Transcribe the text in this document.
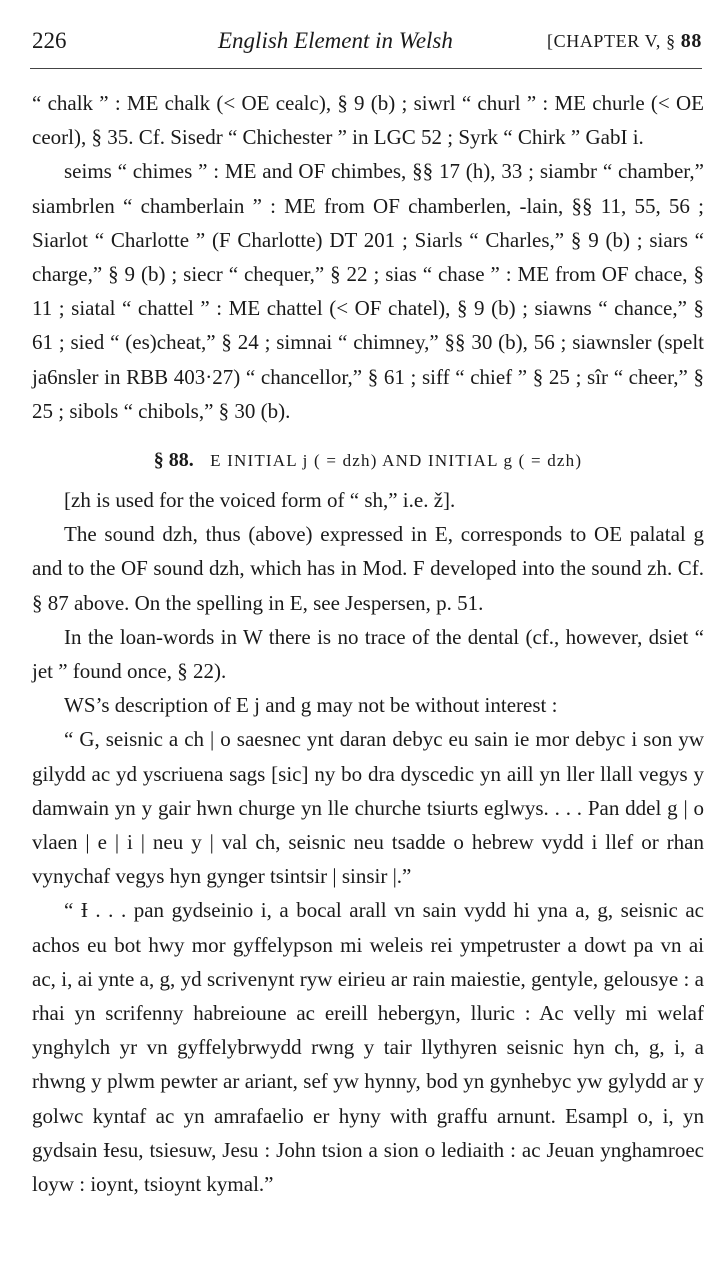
226	English Element in Welsh	[CHAPTER V, § 88

“ chalk ” : ME chalk (< OE cealc), § 9 (b) ; siwrl “ churl ” : ME churle (< OE ceorl), § 35. Cf. Sisedr “ Chichester ” in LGC 52 ; Syrk “ Chirk ” GabI i.

seims “ chimes ” : ME and OF chimbes, §§ 17 (h), 33 ; siambr “ chamber,” siambrlen “ chamberlain ” : ME from OF chamberlen, -lain, §§ 11, 55, 56 ; Siarlot “ Charlotte ” (F Charlotte) DT 201 ; Siarls “ Charles,” § 9 (b) ; siars “ charge,” § 9 (b) ; siecr “ chequer,” § 22 ; sias “ chase ” : ME from OF chace, § 11 ; siatal “ chattel ” : ME chattel (< OF chatel), § 9 (b) ; siawns “ chance,” § 61 ; sied “ (es)cheat,” § 24 ; simnai “ chimney,” §§ 30 (b), 56 ; siawnsler (spelt ja6nsler in RBB 403·27) “ chancellor,” § 61 ; siff “ chief ” § 25 ; sîr “ cheer,” § 25 ; sibols “ chibols,” § 30 (b).

§ 88. E INITIAL j ( = dzh) AND INITIAL g ( = dzh)

[zh is used for the voiced form of “ sh,” i.e. ž].

The sound dzh, thus (above) expressed in E, corresponds to OE palatal g and to the OF sound dzh, which has in Mod. F developed into the sound zh. Cf. § 87 above. On the spelling in E, see Jespersen, p. 51.

In the loan-words in W there is no trace of the dental (cf., however, dsiet “ jet ” found once, § 22).

WS’s description of E j and g may not be without interest :

“ G, seisnic a ch | o saesnec ynt daran debyc eu sain ie mor debyc i son yw gilydd ac yd yscriuena sags [sic] ny bo dra dyscedic yn aill yn ller llall vegys y damwain yn y gair hwn churge yn lle churche tsiurts eglwys. . . . Pan ddel g | o vlaen | e | i | neu y | val ch, seisnic neu tsadde o hebrew vydd i llef or rhan vynychaf vegys hyn gynger tsintsir | sinsir |.”

“ Ɨ . . . pan gydseinio i, a bocal arall vn sain vydd hi yna a, g, seisnic ac achos eu bot hwy mor gyffelypson mi weleis rei ympetruster a dowt pa vn ai ac, i, ai ynte a, g, yd scrivenynt ryw eirieu ar rain maiestie, gentyle, gelousye : a rhai yn scrifenny habreioune ac ereill hebergyn, lluric : Ac velly mi welaf ynghylch yr vn gyffelybrwydd rwng y tair llythyren seisnic hyn ch, g, i, a rhwng y plwm pewter ar ariant, sef yw hynny, bod yn gynhebyc yw gylydd ar y golwc kyntaf ac yn amrafaelio er hyny with graffu arnunt. Esampl o, i, yn gydsain Ɨesu, tsiesuw, Jesu : John tsion a sion o lediaith : ac Jeuan ynghamroec loyw : ioynt, tsioynt kymal.”
